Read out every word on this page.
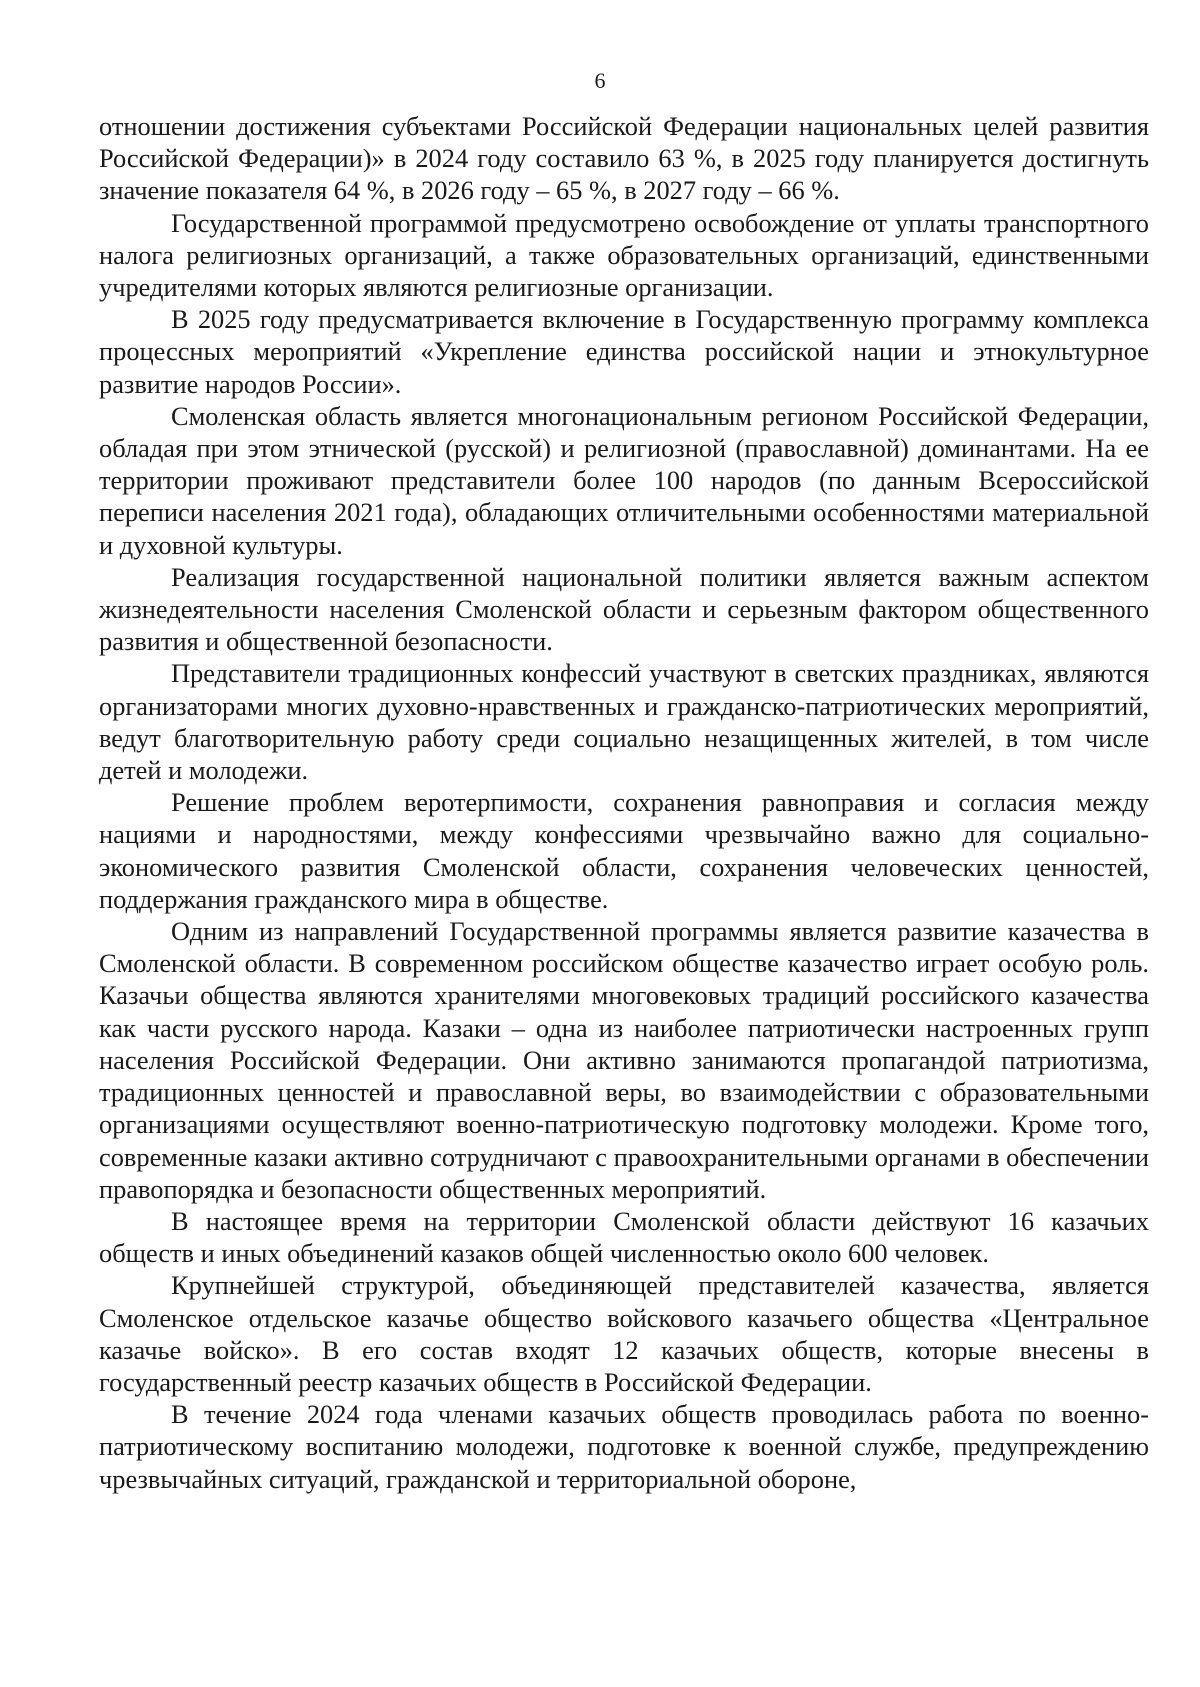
6

отношении достижения субъектами Российской Федерации национальных целей развития Российской Федерации)» в 2024 году составило 63 %, в 2025 году планируется достигнуть значение показателя 64 %, в 2026 году – 65 %, в 2027 году – 66 %.

Государственной программой предусмотрено освобождение от уплаты транспортного налога религиозных организаций, а также образовательных организаций, единственными учредителями которых являются религиозные организации.

В 2025 году предусматривается включение в Государственную программу комплекса процессных мероприятий «Укрепление единства российской нации и этнокультурное развитие народов России».

Смоленская область является многонациональным регионом Российской Федерации, обладая при этом этнической (русской) и религиозной (православной) доминантами. На ее территории проживают представители более 100 народов (по данным Всероссийской переписи населения 2021 года), обладающих отличительными особенностями материальной и духовной культуры.

Реализация государственной национальной политики является важным аспектом жизнедеятельности населения Смоленской области и серьезным фактором общественного развития и общественной безопасности.

Представители традиционных конфессий участвуют в светских праздниках, являются организаторами многих духовно-нравственных и гражданско-патриотических мероприятий, ведут благотворительную работу среди социально незащищенных жителей, в том числе детей и молодежи.

Решение проблем веротерпимости, сохранения равноправия и согласия между нациями и народностями, между конфессиями чрезвычайно важно для социально-экономического развития Смоленской области, сохранения человеческих ценностей, поддержания гражданского мира в обществе.

Одним из направлений Государственной программы является развитие казачества в Смоленской области. В современном российском обществе казачество играет особую роль. Казачьи общества являются хранителями многовековых традиций российского казачества как части русского народа. Казаки – одна из наиболее патриотически настроенных групп населения Российской Федерации. Они активно занимаются пропагандой патриотизма, традиционных ценностей и православной веры, во взаимодействии с образовательными организациями осуществляют военно-патриотическую подготовку молодежи. Кроме того, современные казаки активно сотрудничают с правоохранительными органами в обеспечении правопорядка и безопасности общественных мероприятий.

В настоящее время на территории Смоленской области действуют 16 казачьих обществ и иных объединений казаков общей численностью около 600 человек.

Крупнейшей структурой, объединяющей представителей казачества, является Смоленское отдельское казачье общество войскового казачьего общества «Центральное казачье войско». В его состав входят 12 казачьих обществ, которые внесены в государственный реестр казачьих обществ в Российской Федерации.

В течение 2024 года членами казачьих обществ проводилась работа по военно-патриотическому воспитанию молодежи, подготовке к военной службе, предупреждению чрезвычайных ситуаций, гражданской и территориальной обороне,
